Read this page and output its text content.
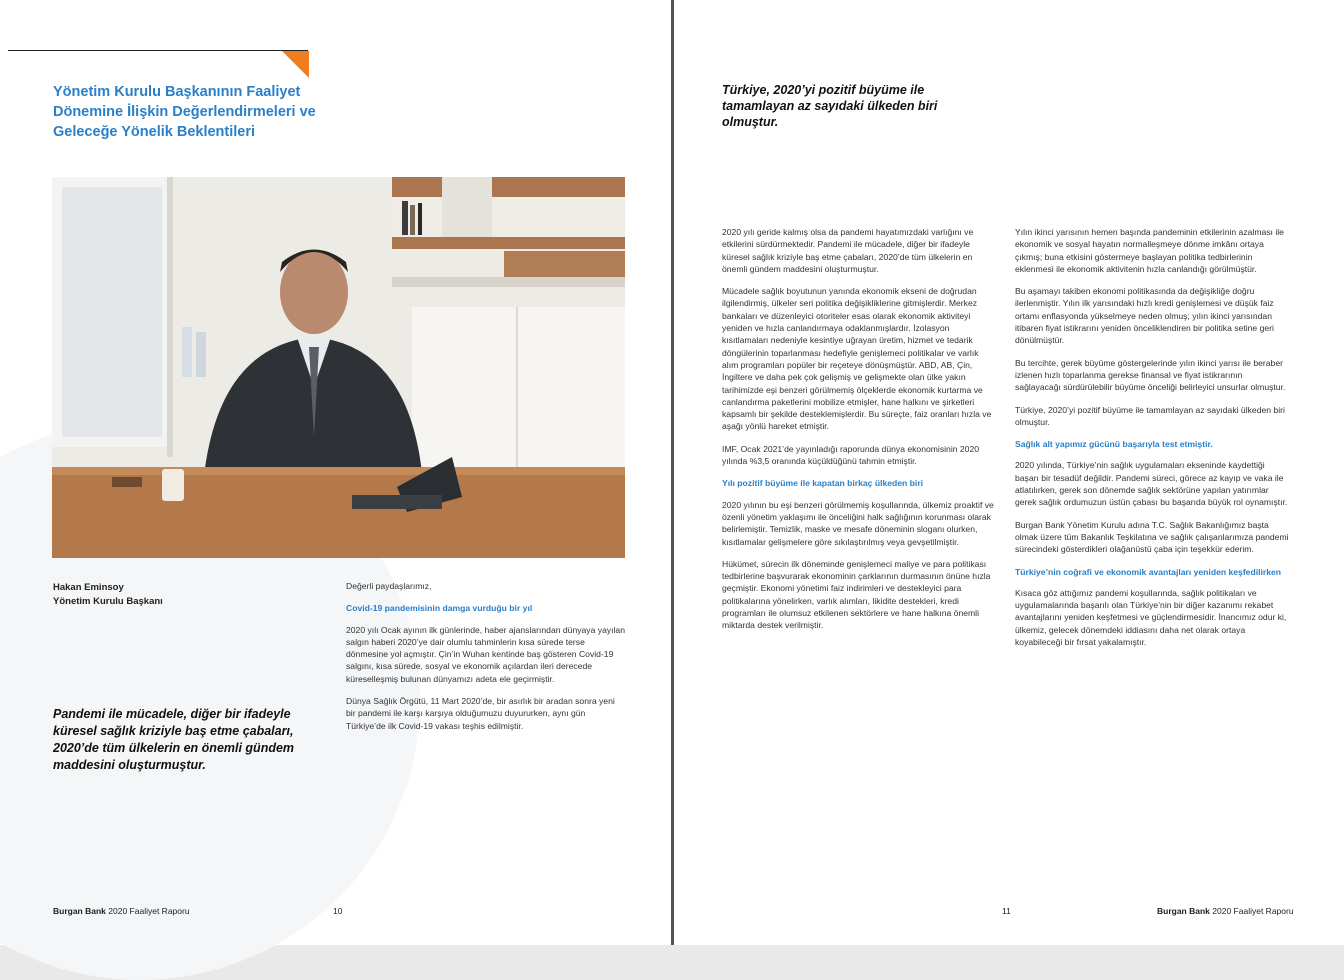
Yönetim Kurulu Başkanının Faaliyet Dönemine İlişkin Değerlendirmeleri ve Geleceğe Yönelik Beklentileri
Hakan Eminsoy
Yönetim Kurulu Başkanı

Pandemi ile mücadele, diğer bir ifadeyle küresel sağlık kriziyle baş etme çabaları, 2020’de tüm ülkelerin en önemli gündem maddesini oluşturmuştur.

Değerli paydaşlarımız,

Covid-19 pandemisinin damga vurduğu bir yıl

2020 yılı Ocak ayının ilk günlerinde, haber ajanslarından dünyaya yayılan salgın haberi 2020’ye dair olumlu tahminlerin kısa sürede terse dönmesine yol açmıştır. Çin’in Wuhan kentinde baş gösteren Covid-19 salgını, kısa sürede, sosyal ve ekonomik açılardan ileri derecede küreselleşmiş bulunan dünyamızı adeta ele geçirmiştir.

Dünya Sağlık Örgütü, 11 Mart 2020’de, bir asırlık bir aradan sonra yeni bir pandemi ile karşı karşıya olduğumuzu duyururken, aynı gün Türkiye’de ilk Covid-19 vakası teşhis edilmiştir.

Burgan Bank 2020 Faaliyet Raporu	10

Türkiye, 2020’yi pozitif büyüme ile tamamlayan az sayıdaki ülkeden biri olmuştur.

2020 yılı geride kalmış olsa da pandemi hayatımızdaki varlığını ve etkilerini sürdürmektedir. Pandemi ile mücadele, diğer bir ifadeyle küresel sağlık kriziyle baş etme çabaları, 2020’de tüm ülkelerin en önemli gündem maddesini oluşturmuştur.

Mücadele sağlık boyutunun yanında ekonomik ekseni de doğrudan ilgilendirmiş, ülkeler seri politika değişikliklerine gitmişlerdir. Merkez bankaları ve düzenleyici otoriteler esas olarak ekonomik aktiviteyi yeniden ve hızla canlandırmaya odaklanmışlardır. İzolasyon kısıtlamaları nedeniyle kesintiye uğrayan üretim, hizmet ve tedarik döngülerinin toparlanması hedefiyle genişlemeci politikalar ve varlık alım programları popüler bir reçeteye dönüşmüştür. ABD, AB, Çin, İngiltere ve daha pek çok gelişmiş ve gelişmekte olan ülke yakın tarihimizde eşi benzeri görülmemiş ölçeklerde ekonomik kurtarma ve canlandırma paketlerini mobilize etmişler, hane halkını ve şirketleri kapsamlı bir şekilde desteklemişlerdir. Bu süreçte, faiz oranları hızla ve aşağı yönlü hareket etmiştir.

IMF, Ocak 2021’de yayınladığı raporunda dünya ekonomisinin 2020 yılında %3,5 oranında küçüldüğünü tahmin etmiştir.

Yılı pozitif büyüme ile kapatan birkaç ülkeden biri

2020 yılının bu eşi benzeri görülmemiş koşullarında, ülkemiz proaktif ve özenli yönetim yaklaşımı ile önceliğini halk sağlığının korunması olarak belirlemiştir. Temizlik, maske ve mesafe döneminin sloganı olurken, kısıtlamalar gelişmelere göre sıkılaştırılmış veya gevşetilmiştir.

Hükümet, sürecin ilk döneminde genişlemeci maliye ve para politikası tedbirlerine başvurarak ekonominin çarklarının durmasının önüne hızla geçmiştir. Ekonomi yönetimi faiz indirimleri ve destekleyici para politikalarına yönelirken, varlık alımları, likidite destekleri, kredi programları ile olumsuz etkilenen sektörlere ve hane halkına önemli miktarda destek verilmiştir.

Yılın ikinci yarısının hemen başında pandeminin etkilerinin azalması ile ekonomik ve sosyal hayatın normalleşmeye dönme imkânı ortaya çıkmış; buna etkisini göstermeye başlayan politika tedbirlerinin eklenmesi ile ekonomik aktivitenin hızla canlandığı görülmüştür.

Bu aşamayı takiben ekonomi politikasında da değişikliğe doğru ilerlenmiştir. Yılın ilk yarısındaki hızlı kredi genişlemesi ve düşük faiz ortamı enflasyonda yükselmeye neden olmuş; yılın ikinci yarısından itibaren fiyat istikrarını yeniden önceliklendiren bir politika setine geri dönülmüştür.

Bu tercihte, gerek büyüme göstergelerinde yılın ikinci yarısı ile beraber izlenen hızlı toparlanma gerekse finansal ve fiyat istikrarının sağlayacağı sürdürülebilir büyüme önceliği belirleyici unsurlar olmuştur.

Türkiye, 2020’yi pozitif büyüme ile tamamlayan az sayıdaki ülkeden biri olmuştur.

Sağlık alt yapımız gücünü başarıyla test etmiştir.

2020 yılında, Türkiye’nin sağlık uygulamaları ekseninde kaydettiği başarı bir tesadüf değildir. Pandemi süreci, görece az kayıp ve vaka ile atlatılırken, gerek son dönemde sağlık sektörüne yapılan yatırımlar gerek sağlık ordumuzun üstün çabası bu başarıda büyük rol oynamıştır.

Burgan Bank Yönetim Kurulu adına T.C. Sağlık Bakanlığımız başta olmak üzere tüm Bakanlık Teşkilatına ve sağlık çalışanlarımıza pandemi sürecindeki gösterdikleri olağanüstü çaba için teşekkür ederim.

Türkiye’nin coğrafi ve ekonomik avantajları yeniden keşfedilirken

Kısaca göz attığımız pandemi koşullarında, sağlık politikaları ve uygulamalarında başarılı olan Türkiye’nin bir diğer kazanımı rekabet avantajlarını yeniden keşfetmesi ve güçlendirmesidir. İnancımız odur ki, ülkemiz, gelecek dönemdeki iddiasını daha net olarak ortaya koyabileceği bir fırsat yakalamıştır.

11	Burgan Bank 2020 Faaliyet Raporu
